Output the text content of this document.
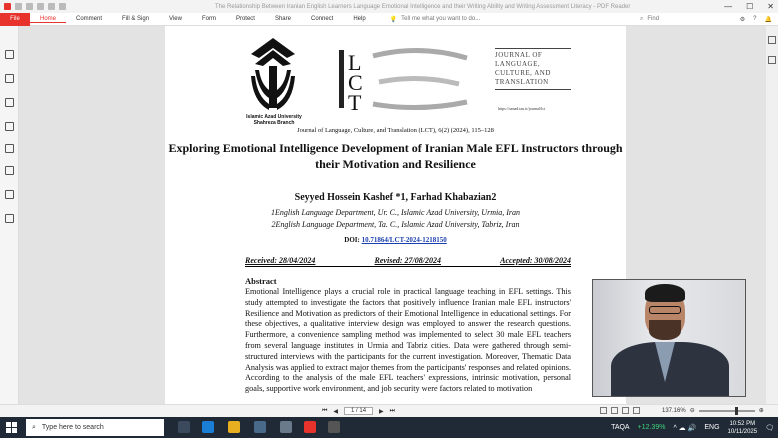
The Relationship Between Iranian English Learners Language Emotional Intelligence and their Writing Ability and Writing Assessment Literacy - PDF Reader	— ☐ ✕
File	Home	Comment	Fill & Sign	View	Form	Protect	Share	Connect	Help	💡 Tell me what you want to do...	⌕ Find	⚙ ? 🔔
Islamic Azad University Shahreza Branch
L
C
T
JOURNAL OF LANGUAGE, CULTURE, AND TRANSLATION
https://sanad.iau.ir/journal/lct
Journal of Language, Culture, and Translation (LCT), 6(2) (2024), 115–128
Exploring Emotional Intelligence Development of Iranian Male EFL Instructors through their Motivation and Resilience
Seyyed Hossein Kashef *1, Farhad Khabazian2
1English Language Department, Ur. C., Islamic Azad University, Urmia, Iran
2English Language Department, Ta. C., Islamic Azad University, Tabriz, Iran
DOI: 10.71864/LCT-2024-1218150
Received: 28/04/2024	Revised: 27/08/2024	Accepted: 30/08/2024
Abstract
Emotional Intelligence plays a crucial role in practical language teaching in EFL settings. This study attempted to investigate the factors that positively influence Iranian male EFL instructors' Resilience and Motivation as predictors of their Emotional Intelligence in educational settings. For these objectives, a qualitative interview design was employed to answer the research questions. Furthermore, a convenience sampling method was implemented to select 30 male EFL teachers from several language institutes in Urmia and Tabriz cities. Data were gathered through semi-structured interviews with the participants for the current investigation. Moreover, Thematic Data Analysis was applied to extract major themes from the participants' responses and related opinions. According to the analysis of the male EFL teachers' expressions, intrinsic motivation, personal goals, supportive work environment, and job security were factors related to motivation
⏮ ◀	1 / 14	▶ ⏭	137.16% ⊖	⊕
⌕ Type here to search	TAQA +12.39% ^ ☁ 🔊 ENG
10:52 PM
10/11/2025 🗨
